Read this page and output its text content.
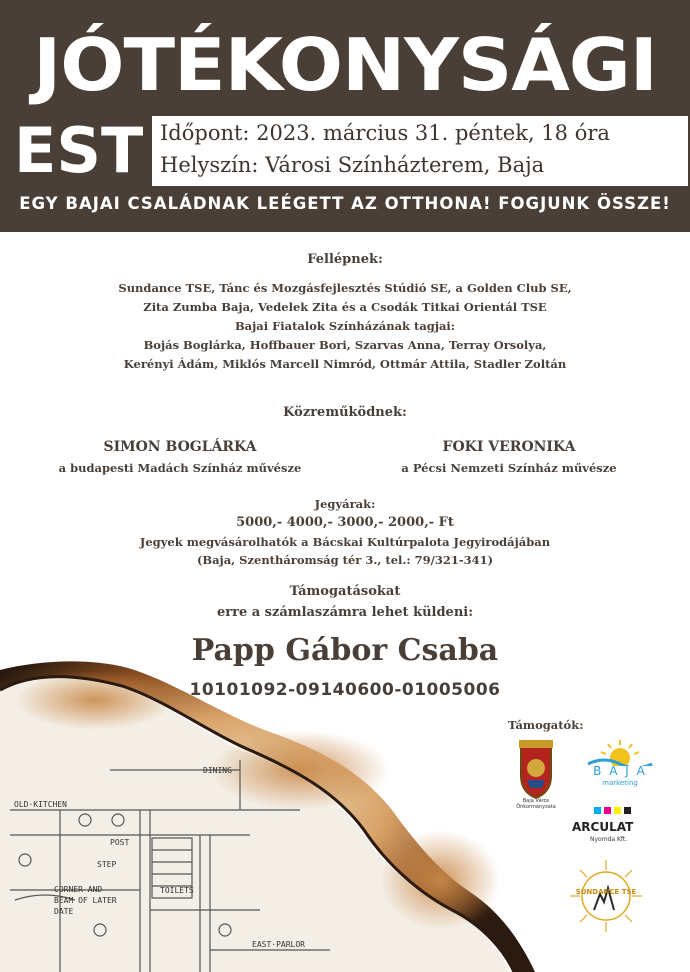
JÓTÉKONYSÁGI
EST Időpont: 2023. március 31. péntek, 18 óra
Helyszín: Városi Színházterem, Baja
EGY BAJAI CSALÁDNAK LEÉGETT AZ OTTHONA! FOGJUNK ÖSSZE!
OLD·KITCHEN
DINING
STEP
CORNER AND
BEAM OF LATER
DATE
TOILETS
EAST·PARLOR
POST
Fellépnek:
Sundance TSE, Tánc és Mozgásfejlesztés Stúdió SE, a Golden Club SE,
Zita Zumba Baja, Vedelek Zita és a Csodák Titkai Orientál TSE
Bajai Fiatalok Színházának tagjai:
Bojás Boglárka, Hoffbauer Bori, Szarvas Anna, Terray Orsolya,
Kerényi Ádám, Miklós Marcell Nimród, Ottmár Attila, Stadler Zoltán
Közreműködnek:
SIMON BOGLÁRKA
a budapesti Madách Színház művésze
FOKI VERONIKA
a Pécsi Nemzeti Színház művésze
Jegyárak:
5000,- 4000,- 3000,- 2000,- Ft
Jegyek megvásárolhatók a Bácskai Kultúrpalota Jegyirodájában
(Baja, Szentháromság tér 3., tel.: 79/321-341)
Támogatásokat
erre a számlaszámra lehet küldeni:
Papp Gábor Csaba
10101092-09140600-01005006
Támogatók:
Baja Város Önkormányzata
B A J A
marketing
ARCULAT
Nyomda Kft.
SUNDANCE TSE
